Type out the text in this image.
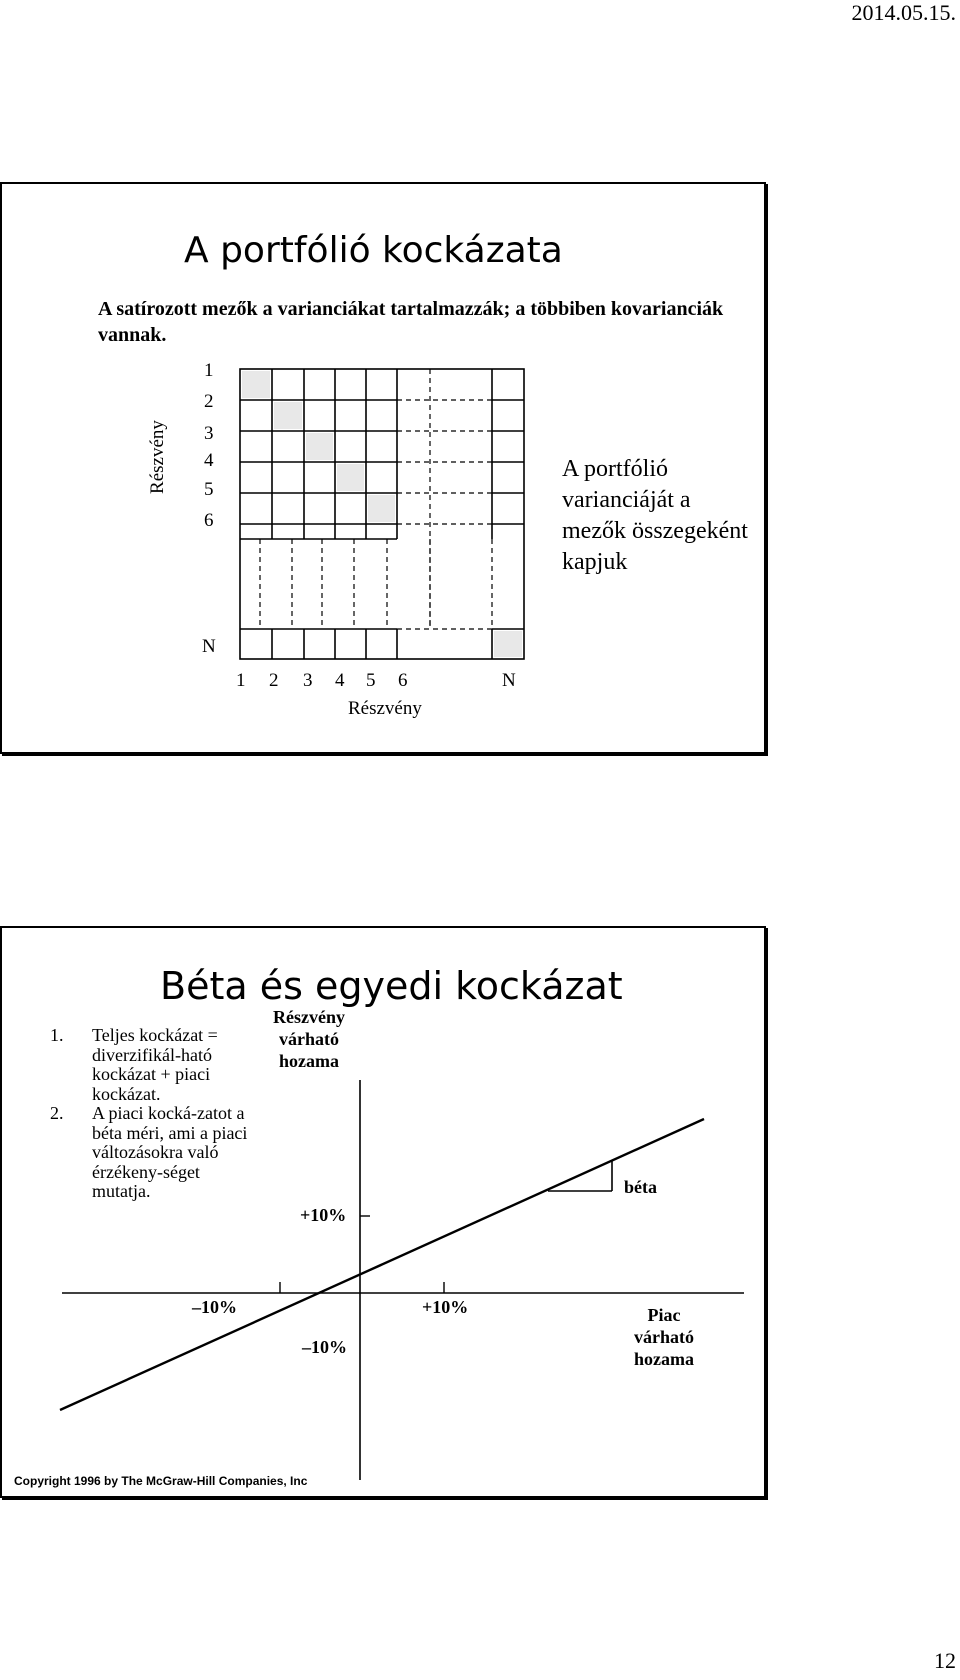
2014.05.15.
A portfólió kockázata
A satírozott mezők a varianciákat tartalmazzák; a többiben kovarianciák vannak.
1
2
3
4
5
6
N
Részvény
1 2 3 4 5 6	N
Részvény
A portfólió varianciáját a mezők összegeként kapjuk
Béta és egyedi kockázat
1. Teljes kockázat = diverzifikál-ható kockázat + piaci kockázat.
2. A piaci kocká-zatot a béta méri, ami a piaci változásokra való érzékeny-séget mutatja.
Részvény várható hozama
+10%
–10%
–10%	+10%
béta
Piac várható hozama
Copyright 1996 by The McGraw-Hill Companies, Inc
12
